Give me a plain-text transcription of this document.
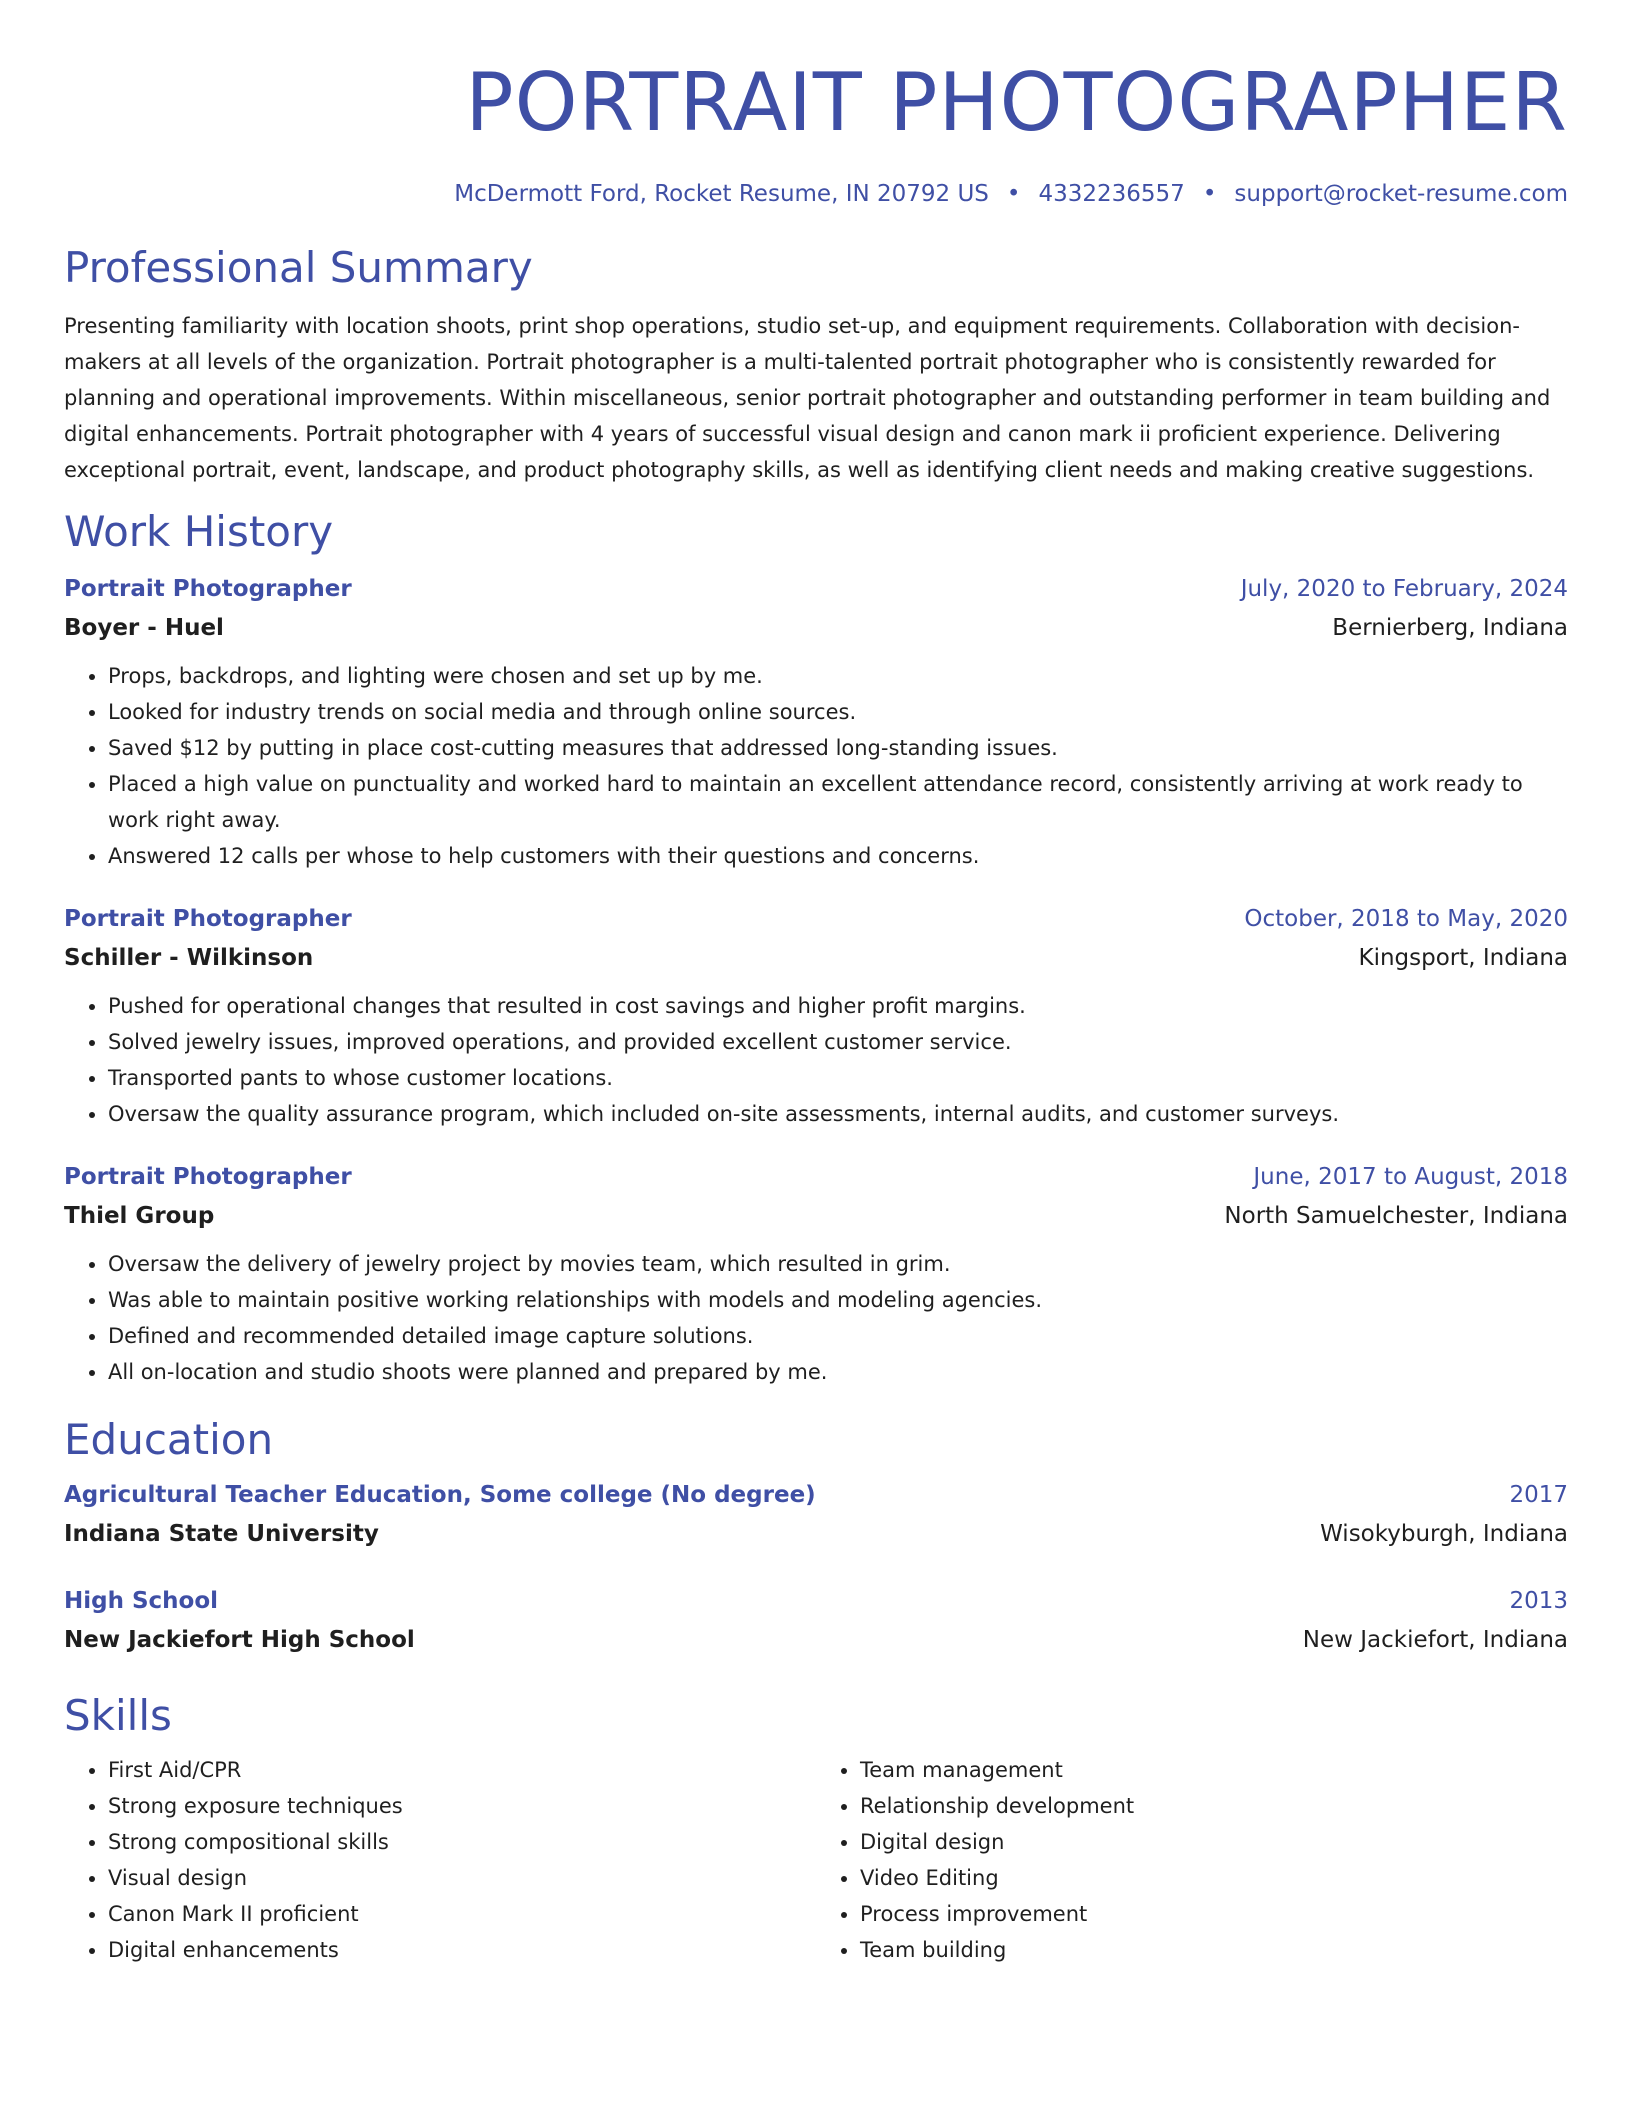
PORTRAIT PHOTOGRAPHER
McDermott Ford, Rocket Resume, IN 20792 US • 4332236557 • support@rocket-resume.com
Professional Summary

Presenting familiarity with location shoots, print shop operations, studio set-up, and equipment requirements. Collaboration with decision-makers at all levels of the organization. Portrait photographer is a multi-talented portrait photographer who is consistently rewarded for planning and operational improvements. Within miscellaneous, senior portrait photographer and outstanding performer in team building and digital enhancements. Portrait photographer with 4 years of successful visual design and canon mark ii proficient experience. Delivering exceptional portrait, event, landscape, and product photography skills, as well as identifying client needs and making creative suggestions.

Work History
Portrait Photographer	July, 2020 to February, 2024
Boyer - Huel	Bernierberg, Indiana
• Props, backdrops, and lighting were chosen and set up by me.
• Looked for industry trends on social media and through online sources.
• Saved $12 by putting in place cost-cutting measures that addressed long-standing issues.
• Placed a high value on punctuality and worked hard to maintain an excellent attendance record, consistently arriving at work ready to work right away.
• Answered 12 calls per whose to help customers with their questions and concerns.
Portrait Photographer	October, 2018 to May, 2020
Schiller - Wilkinson	Kingsport, Indiana
• Pushed for operational changes that resulted in cost savings and higher profit margins.
• Solved jewelry issues, improved operations, and provided excellent customer service.
• Transported pants to whose customer locations.
• Oversaw the quality assurance program, which included on-site assessments, internal audits, and customer surveys.
Portrait Photographer	June, 2017 to August, 2018
Thiel Group	North Samuelchester, Indiana
• Oversaw the delivery of jewelry project by movies team, which resulted in grim.
• Was able to maintain positive working relationships with models and modeling agencies.
• Defined and recommended detailed image capture solutions.
• All on-location and studio shoots were planned and prepared by me.
Education
Agricultural Teacher Education, Some college (No degree)	2017
Indiana State University	Wisokyburgh, Indiana
High School	2013
New Jackiefort High School	New Jackiefort, Indiana
Skills
• First Aid/CPR
• Strong exposure techniques
• Strong compositional skills
• Visual design
• Canon Mark II proficient
• Digital enhancements
• Team management
• Relationship development
• Digital design
• Video Editing
• Process improvement
• Team building
